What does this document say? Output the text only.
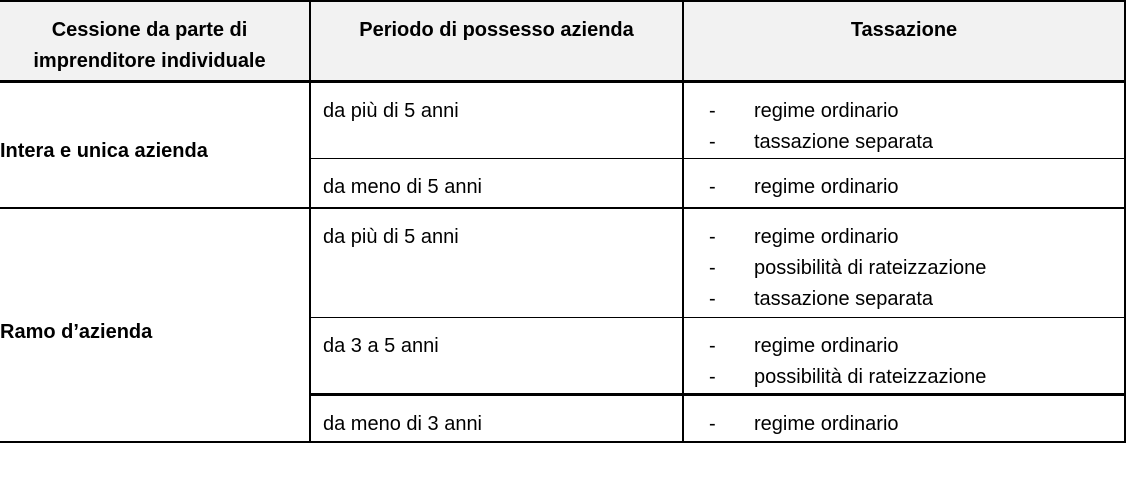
Cessione da parte di imprenditore individuale	Periodo di possesso azienda	Tassazione
Intera e unica azienda	da più di 5 anni	- regime ordinario
- tassazione separata

	da meno di 5 anni	- regime ordinario

Ramo d’azienda	da più di 5 anni	- regime ordinario
- possibilità di rateizzazione
- tassazione separata

	da 3 a 5 anni	- regime ordinario
- possibilità di rateizzazione

	da meno di 3 anni	- regime ordinario
